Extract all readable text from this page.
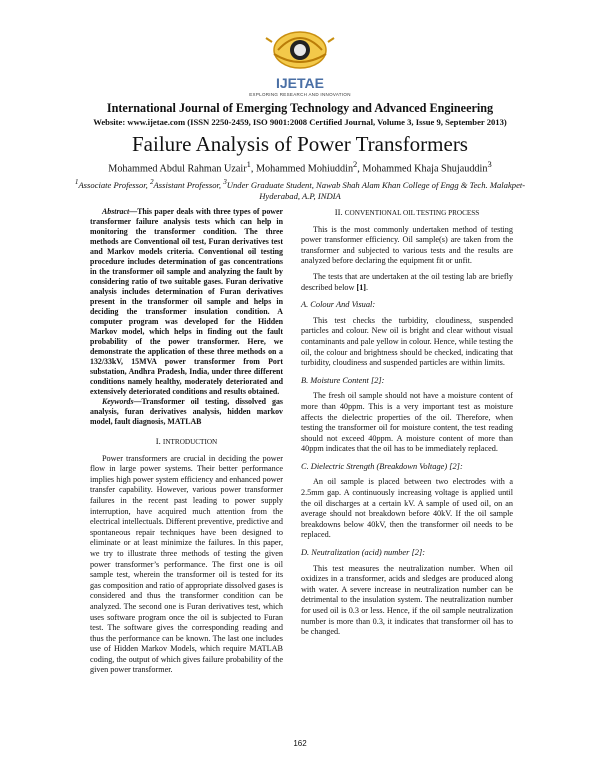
IJETAE
EXPLORING RESEARCH AND INNOVATION
International Journal of Emerging Technology and Advanced Engineering
Website: www.ijetae.com (ISSN 2250-2459, ISO 9001:2008 Certified Journal, Volume 3, Issue 9, September 2013)
Failure Analysis of Power Transformers
Mohammed Abdul Rahman Uzair$^1$, Mohammed Mohiuddin$^2$, Mohammed Khaja Shujauddin$^3$
$^1$Associate Professor, $^2$Assistant Professor, $^3$Under Graduate Student, Nawab Shah Alam Khan College of Engg & Tech. Malakpet- Hyderabad, A.P, INDIA

Abstract—This paper deals with three types of power transformer failure analysis tests which can help in monitoring the transformer condition. The three methods are Conventional oil test, Furan derivatives test and Markov models criteria. Conventional oil testing procedure includes determination of gas concentrations in the transformer oil sample and analyzing the fault by considering ratio of two suitable gases. Furan derivative analysis includes determination of Furan derivatives present in the transformer oil sample and helps in deciding the transformer insulation condition. A computer program was developed for the Hidden Markov model, which helps in finding out the fault probability of the power transformer. Here, we demonstrate the application of these three methods on a 132/33kV, 15MVA power transformer from Port substation, Andhra Pradesh, India, under three different conditions namely healthy, moderately deteriorated and extensively deteriorated conditions and results obtained.

Keywords—Transformer oil testing, dissolved gas analysis, furan derivatives analysis, hidden markov model, fault diagnosis, MATLAB

I. INTRODUCTION

Power transformers are crucial in deciding the power flow in large power systems. Their better performance implies high power system efficiency and enhanced power transfer capability. However, various power transformer failures in the recent past leading to power supply interruption, have acquired much attention from the electrical intellectuals. Different preventive, predictive and spontaneous repair techniques have been designed to eliminate or at least minimize the failures. In this paper, we try to illustrate three methods of testing the given power transformer’s performance. The first one is oil sample test, wherein the transformer oil is tested for its gas composition and ratio of appropriate dissolved gases is considered and thus the transformer condition can be analyzed. The second one is Furan derivatives test, which uses software program once the oil is subjected to Furan test. The software gives the corresponding reading and thus the performance can be known. The last one includes use of Hidden Markov Models, which require MATLAB coding, the output of which gives failure probability of the given power transformer.

II. CONVENTIONAL OIL TESTING PROCESS

This is the most commonly undertaken method of testing power transformer efficiency. Oil sample(s) are taken from the transformer and subjected to various tests and the results are analyzed before declaring the equipment fit or unfit.

The tests that are undertaken at the oil testing lab are briefly described below [1].

A. Colour And Visual:

This test checks the turbidity, cloudiness, suspended particles and colour. New oil is bright and clear without visual contaminants and pale yellow in colour. Hence, while testing the oil, the colour and brightness should be checked, indicating that turbidity, cloudiness and suspended particles are within limits.

B. Moisture Content [2]:

The fresh oil sample should not have a moisture content of more than 40ppm. This is a very important test as moisture affects the dielectric properties of the oil. Therefore, when testing the transformer oil for moisture content, the test reading should not exceed 40ppm. A moisture content of more than 40ppm indicates that the oil has to be immediately replaced.

C. Dielectric Strength (Breakdown Voltage) [2]:

An oil sample is placed between two electrodes with a 2.5mm gap. A continuously increasing voltage is applied until the oil discharges at a certain kV. A sample of used oil, on an average should not breakdown before 40kV. If the oil sample breakdowns below 40kV, then the transformer oil needs to be replaced.

D. Neutralization (acid) number [2]:

This test measures the neutralization number. When oil oxidizes in a transformer, acids and sledges are produced along with water. A severe increase in neutralization number can be detrimental to the insulation system. The neutralization number for used oil is 0.3 or less. Hence, if the oil sample neutralization number is more than 0.3, it indicates that transformer oil has to be changed.

162
